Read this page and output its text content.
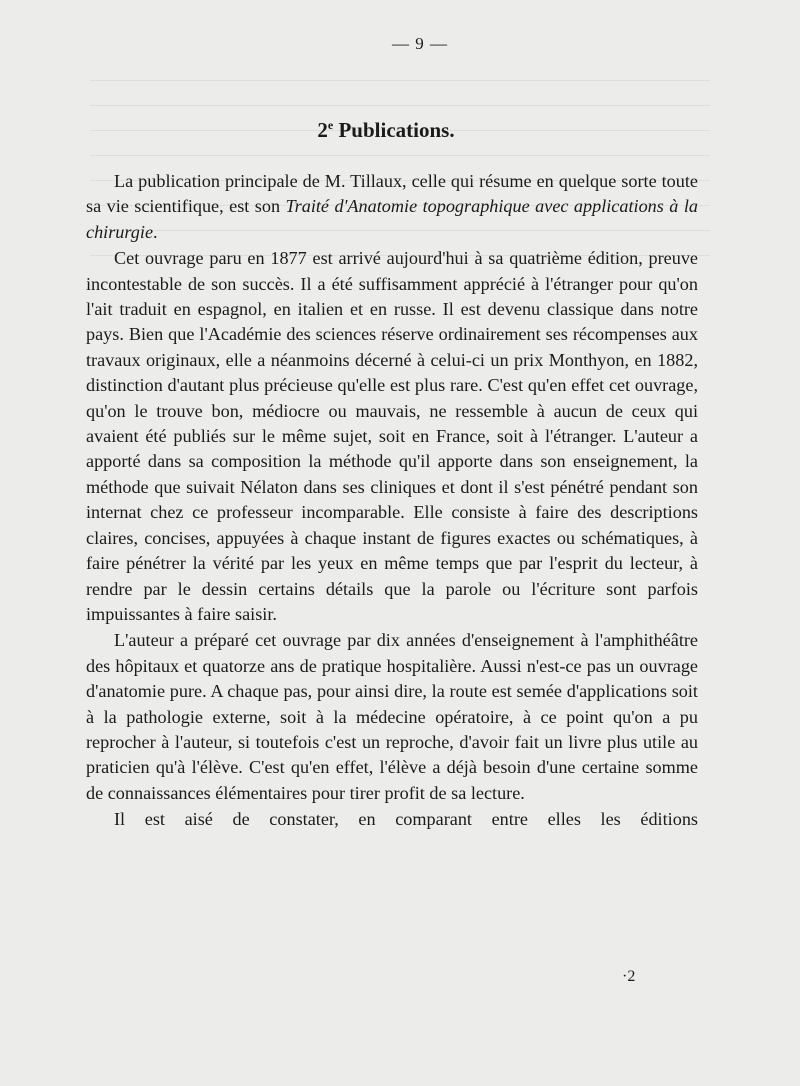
— 9 —
2e Publications.

La publication principale de M. Tillaux, celle qui résume en quelque sorte toute sa vie scientifique, est son Traité d'Anatomie topographique avec applications à la chirurgie.

Cet ouvrage paru en 1877 est arrivé aujourd'hui à sa quatrième édition, preuve incontestable de son succès. Il a été suffisamment apprécié à l'étranger pour qu'on l'ait traduit en espagnol, en italien et en russe. Il est devenu classique dans notre pays. Bien que l'Académie des sciences réserve ordinairement ses récompenses aux travaux originaux, elle a néanmoins décerné à celui-ci un prix Monthyon, en 1882, distinction d'autant plus précieuse qu'elle est plus rare. C'est qu'en effet cet ouvrage, qu'on le trouve bon, médiocre ou mauvais, ne ressemble à aucun de ceux qui avaient été publiés sur le même sujet, soit en France, soit à l'étranger. L'auteur a apporté dans sa composition la méthode qu'il apporte dans son enseignement, la méthode que suivait Nélaton dans ses cliniques et dont il s'est pénétré pendant son internat chez ce professeur incomparable. Elle consiste à faire des descriptions claires, concises, appuyées à chaque instant de figures exactes ou schématiques, à faire pénétrer la vérité par les yeux en même temps que par l'esprit du lecteur, à rendre par le dessin certains détails que la parole ou l'écriture sont parfois impuissantes à faire saisir.

L'auteur a préparé cet ouvrage par dix années d'enseignement à l'amphithéâtre des hôpitaux et quatorze ans de pratique hospitalière. Aussi n'est-ce pas un ouvrage d'anatomie pure. A chaque pas, pour ainsi dire, la route est semée d'applications soit à la pathologie externe, soit à la médecine opératoire, à ce point qu'on a pu reprocher à l'auteur, si toutefois c'est un reproche, d'avoir fait un livre plus utile au praticien qu'à l'élève. C'est qu'en effet, l'élève a déjà besoin d'une certaine somme de connaissances élémentaires pour tirer profit de sa lecture.

Il est aisé de constater, en comparant entre elles les éditions

·2
